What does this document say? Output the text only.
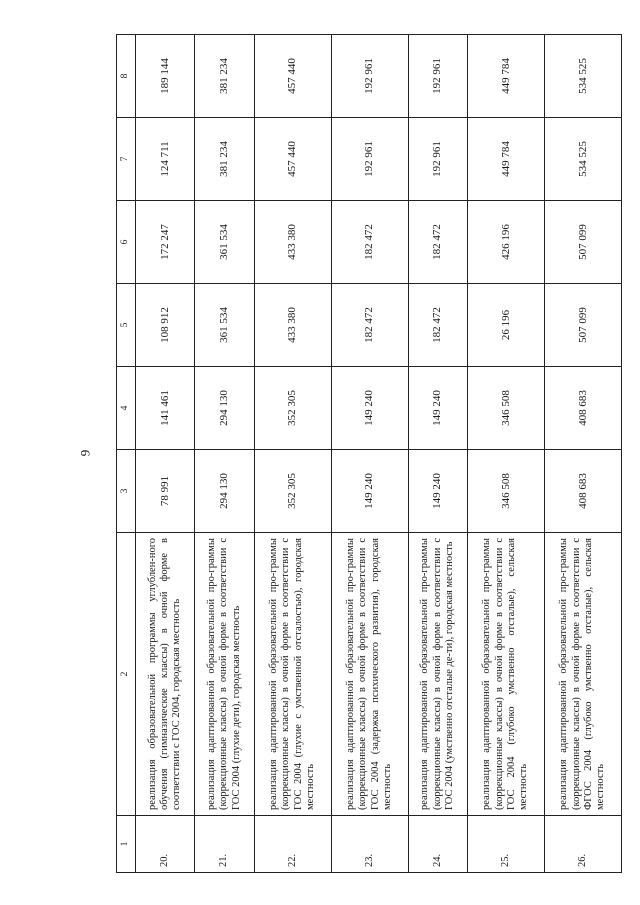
9
1	2	3	4	5	6	7	8
20.	реализация образовательной программы углублен-ного обучения (гимназические классы) в очной форме в соответствии с ГОС 2004, городская местность	78 991	141 461	108 912	172 247	124 711	189 144
21.	реализация адаптированной образовательной про-граммы (коррекционные классы) в очной форме в соответствии с ГОС 2004 (глухие дети), городская местность	294 130	294 130	361 534	361 534	381 234	381 234
22.	реализация адаптированной образовательной про-граммы (коррекционные классы) в очной форме в соответствии с ГОС 2004 (глухие с умственной отсталостью), городская местность	352 305	352 305	433 380	433 380	457 440	457 440
23.	реализация адаптированной образовательной про-граммы (коррекционные классы) в очной форме в соответствии с ГОС 2004 (задержка психического развития), городская местность	149 240	149 240	182 472	182 472	192 961	192 961
24.	реализация адаптированной образовательной про-граммы (коррекционные классы) в очной форме в соответствии с ГОС 2004 (умственно отсталые де-ти), городская местность	149 240	149 240	182 472	182 472	192 961	192 961
25.	реализация адаптированной образовательной про-граммы (коррекционные классы) в очной форме в соответствии с ГОС 2004 (глубоко умственно отсталые), сельская местность	346 508	346 508	26 196	426 196	449 784	449 784
26.	реализация адаптированной образовательной про-граммы (коррекционные классы) в очной форме в соответствии с ФГОС 2004 (глубоко умственно отсталые), сельская местность	408 683	408 683	507 099	507 099	534 525	534 525
